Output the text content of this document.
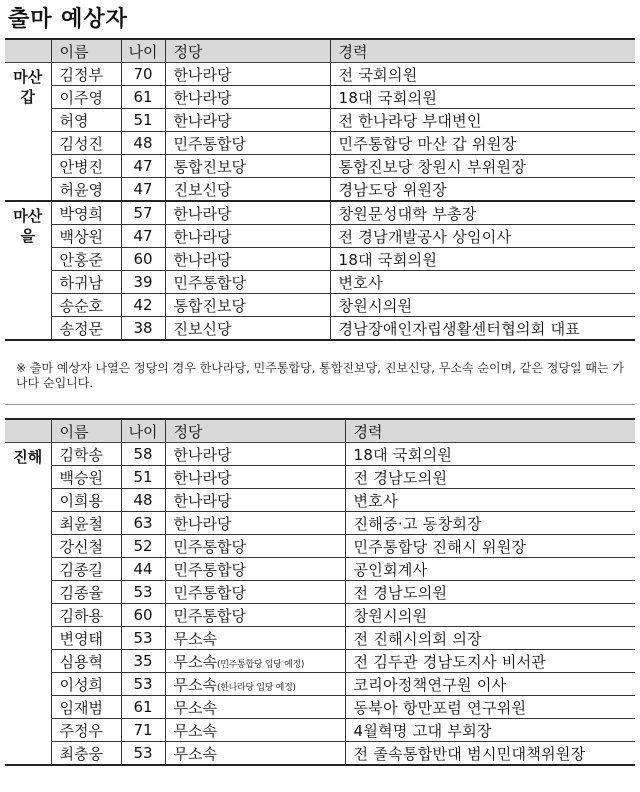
출마 예상자
	이름	나이	정당	경력
마산
갑	김정부	70	한나라당	전 국회의원
	이주영	61	한나라당	18대 국회의원
	허영	51	한나라당	전 한나라당 부대변인
	김성진	48	민주통합당	민주통합당 마산 갑 위원장
	안병진	47	통합진보당	통합진보당 창원시 부위원장
	허윤영	47	진보신당	경남도당 위원장
마산
을	박영희	57	한나라당	창원문성대학 부총장
	백상원	47	한나라당	전 경남개발공사 상임이사
	안홍준	60	한나라당	18대 국회의원
	하귀남	39	민주통합당	변호사
	송순호	42	통합진보당	창원시의원
	송정문	38	진보신당	경남장애인자립생활센터협의회 대표
※ 출마 예상자 나열은 정당의 경우 한나라당, 민주통합당, 통합진보당, 진보신당, 무소속 순이며, 같은 정당일 때는 가나다 순입니다.
	이름	나이	정당	경력
진해	김학송	58	한나라당	18대 국회의원
	백승원	51	한나라당	전 경남도의원
	이희용	48	한나라당	변호사
	최윤철	63	한나라당	진해중·고 동창회장
	강신철	52	민주통합당	민주통합당 진해시 위원장
	김종길	44	민주통합당	공인회계사
	김종율	53	민주통합당	전 경남도의원
	김하용	60	민주통합당	창원시의원
	변영태	53	무소속	전 진해시의회 의장
	심용혁	35	무소속(민주통합당 입당 예정)	전 김두관 경남도지사 비서관
	이성희	53	무소속(한나라당 입당 예정)	코리아정책연구원 이사
	임재범	61	무소속	동북아 항만포럼 연구위원
	주정우	71	무소속	4월혁명 고대 부회장
	최충웅	53	무소속	전 졸속통합반대 범시민대책위원장
